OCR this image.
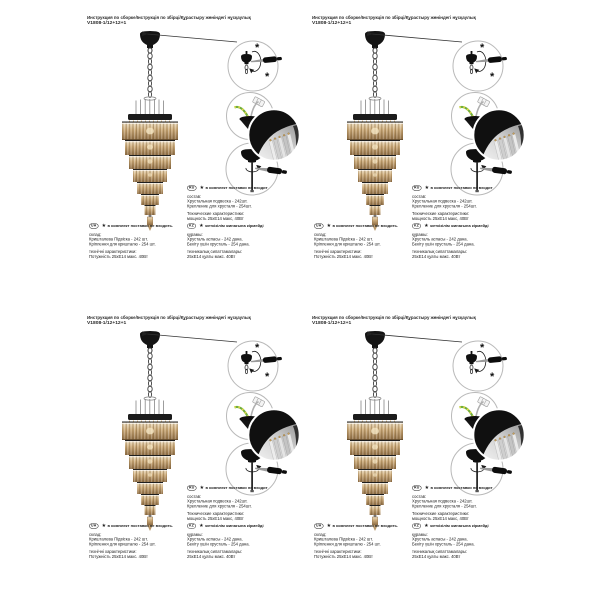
Инструкция по сборке/Інструкція по збірці/Құрастыру жөніндегі нұсқаулық
V1808-1/12+12+1
*
*
RU ★ в комплект поставки не входит
состав:
Хрустальная подвеска - 242шт.
Крепление для хрусталя - 254шт.
Технические характеристики:
мощность 25хЕ14 макс, 40Вт
UA ★ в комплект поставки не входить.
склад:
Кришталева Підвіска - 242 шт.
Кріплення для кришталю - 254 шт.
технічні характеристики:
Потужність 25хЕ14 макс. 40Вт
KZ ★ жеткізілім жинағына кірмейді
құрамы:
Хрусталь аспасы - 242 дана.
Бекіту үшін хрусталь - 254 дана.
техникалық сипаттамалары:
25хЕ14 қуаты макс. 40Вт
Инструкция по сборке/Інструкція по збірці/Құрастыру жөніндегі нұсқаулық
V1808-1/12+12+1
*
*
RU ★ в комплект поставки не входит
состав:
Хрустальная подвеска - 242шт.
Крепление для хрусталя - 254шт.
Технические характеристики:
мощность 25хЕ14 макс, 40Вт
UA ★ в комплект поставки не входить.
склад:
Кришталева Підвіска - 242 шт.
Кріплення для кришталю - 254 шт.
технічні характеристики:
Потужність 25хЕ14 макс. 40Вт
KZ ★ жеткізілім жинағына кірмейді
құрамы:
Хрусталь аспасы - 242 дана.
Бекіту үшін хрусталь - 254 дана.
техникалық сипаттамалары:
25хЕ14 қуаты макс. 40Вт
Инструкция по сборке/Інструкція по збірці/Құрастыру жөніндегі нұсқаулық
V1808-1/12+12+1
*
*
RU ★ в комплект поставки не входит
состав:
Хрустальная подвеска - 242шт.
Крепление для хрусталя - 254шт.
Технические характеристики:
мощность 25хЕ14 макс, 40Вт
UA ★ в комплект поставки не входить.
склад:
Кришталева Підвіска - 242 шт.
Кріплення для кришталю - 254 шт.
технічні характеристики:
Потужність 25хЕ14 макс. 40Вт
KZ ★ жеткізілім жинағына кірмейді
құрамы:
Хрусталь аспасы - 242 дана.
Бекіту үшін хрусталь - 254 дана.
техникалық сипаттамалары:
25хЕ14 қуаты макс. 40Вт
Инструкция по сборке/Інструкція по збірці/Құрастыру жөніндегі нұсқаулық
V1808-1/12+12+1
*
*
RU ★ в комплект поставки не входит
состав:
Хрустальная подвеска - 242шт.
Крепление для хрусталя - 254шт.
Технические характеристики:
мощность 25хЕ14 макс, 40Вт
UA ★ в комплект поставки не входить.
склад:
Кришталева Підвіска - 242 шт.
Кріплення для кришталю - 254 шт.
технічні характеристики:
Потужність 25хЕ14 макс. 40Вт
KZ ★ жеткізілім жинағына кірмейді
құрамы:
Хрусталь аспасы - 242 дана.
Бекіту үшін хрусталь - 254 дана.
техникалық сипаттамалары:
25хЕ14 қуаты макс. 40Вт
